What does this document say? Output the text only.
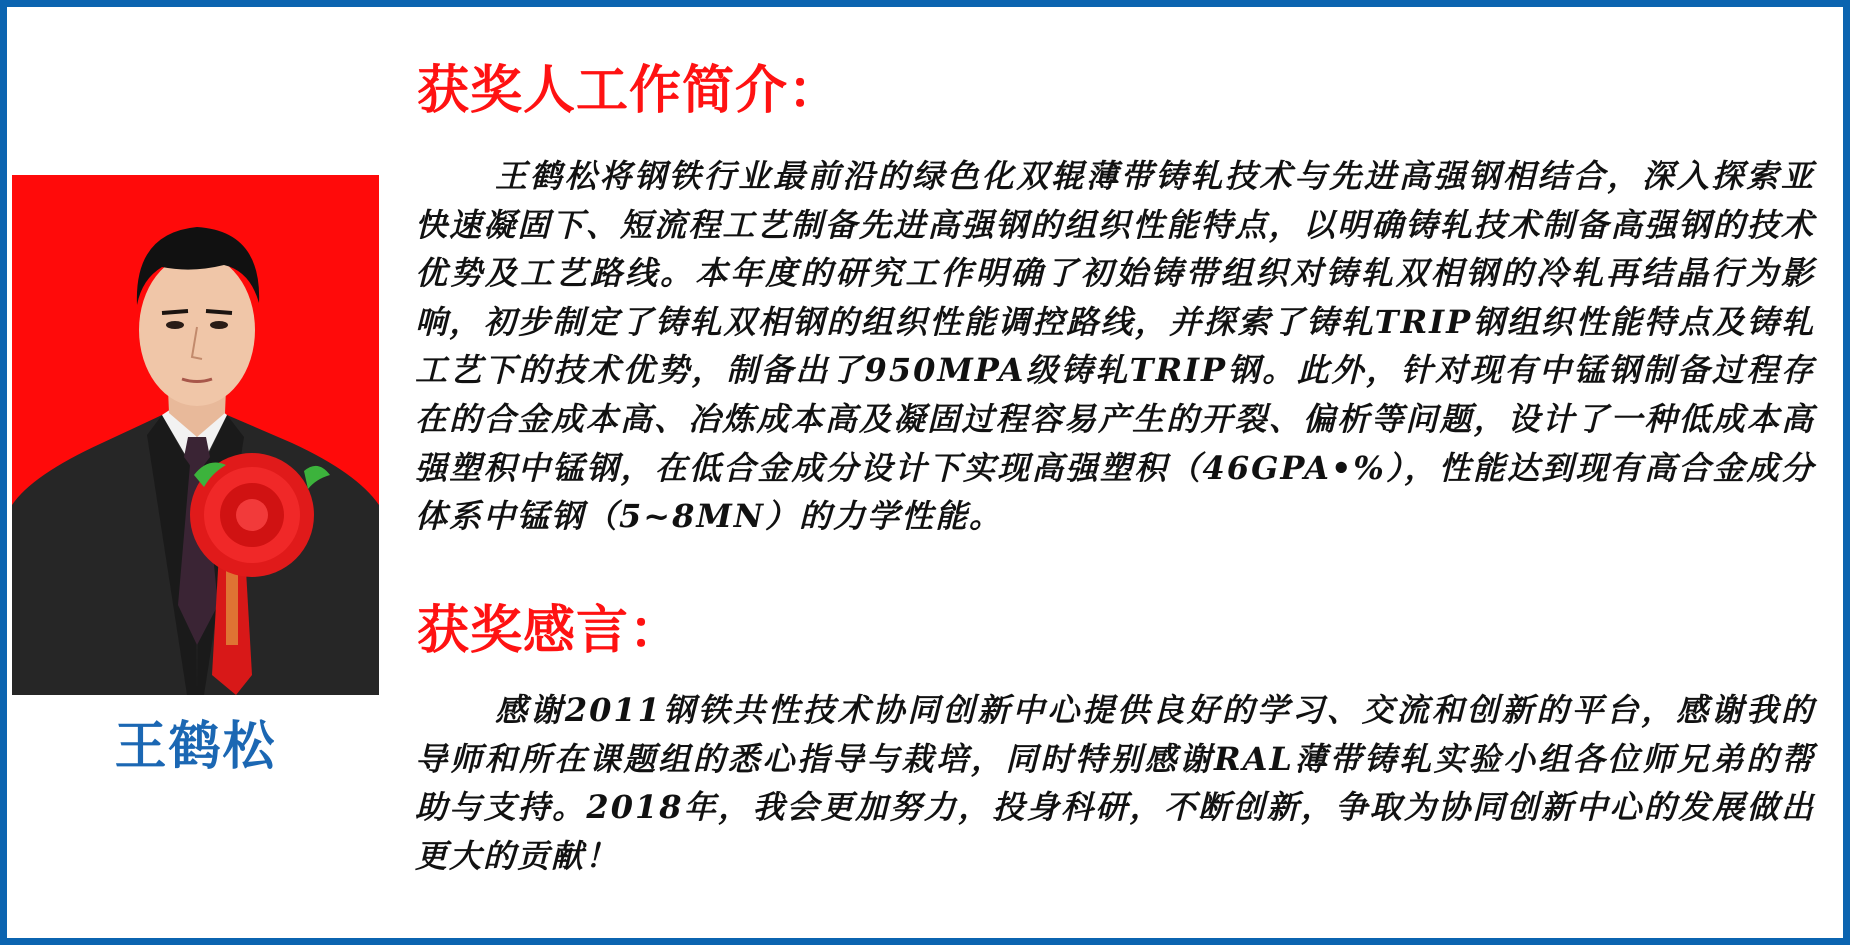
王鹤松
获奖人工作简介：
王鹤松将钢铁行业最前沿的绿色化双辊薄带铸轧技术与先进高强钢相结合，深入探索亚快速凝固下、短流程工艺制备先进高强钢的组织性能特点，以明确铸轧技术制备高强钢的技术优势及工艺路线。本年度的研究工作明确了初始铸带组织对铸轧双相钢的冷轧再结晶行为影响，初步制定了铸轧双相钢的组织性能调控路线，并探索了铸轧TRIP钢组织性能特点及铸轧工艺下的技术优势，制备出了950MPA级铸轧TRIP钢。此外，针对现有中锰钢制备过程存在的合金成本高、冶炼成本高及凝固过程容易产生的开裂、偏析等问题，设计了一种低成本高强塑积中锰钢，在低合金成分设计下实现高强塑积（46GPA•%），性能达到现有高合金成分体系中锰钢（5~8MN）的力学性能。
获奖感言：
感谢2011钢铁共性技术协同创新中心提供良好的学习、交流和创新的平台，感谢我的导师和所在课题组的悉心指导与栽培，同时特别感谢RAL薄带铸轧实验小组各位师兄弟的帮助与支持。2018年，我会更加努力，投身科研，不断创新，争取为协同创新中心的发展做出更大的贡献！
